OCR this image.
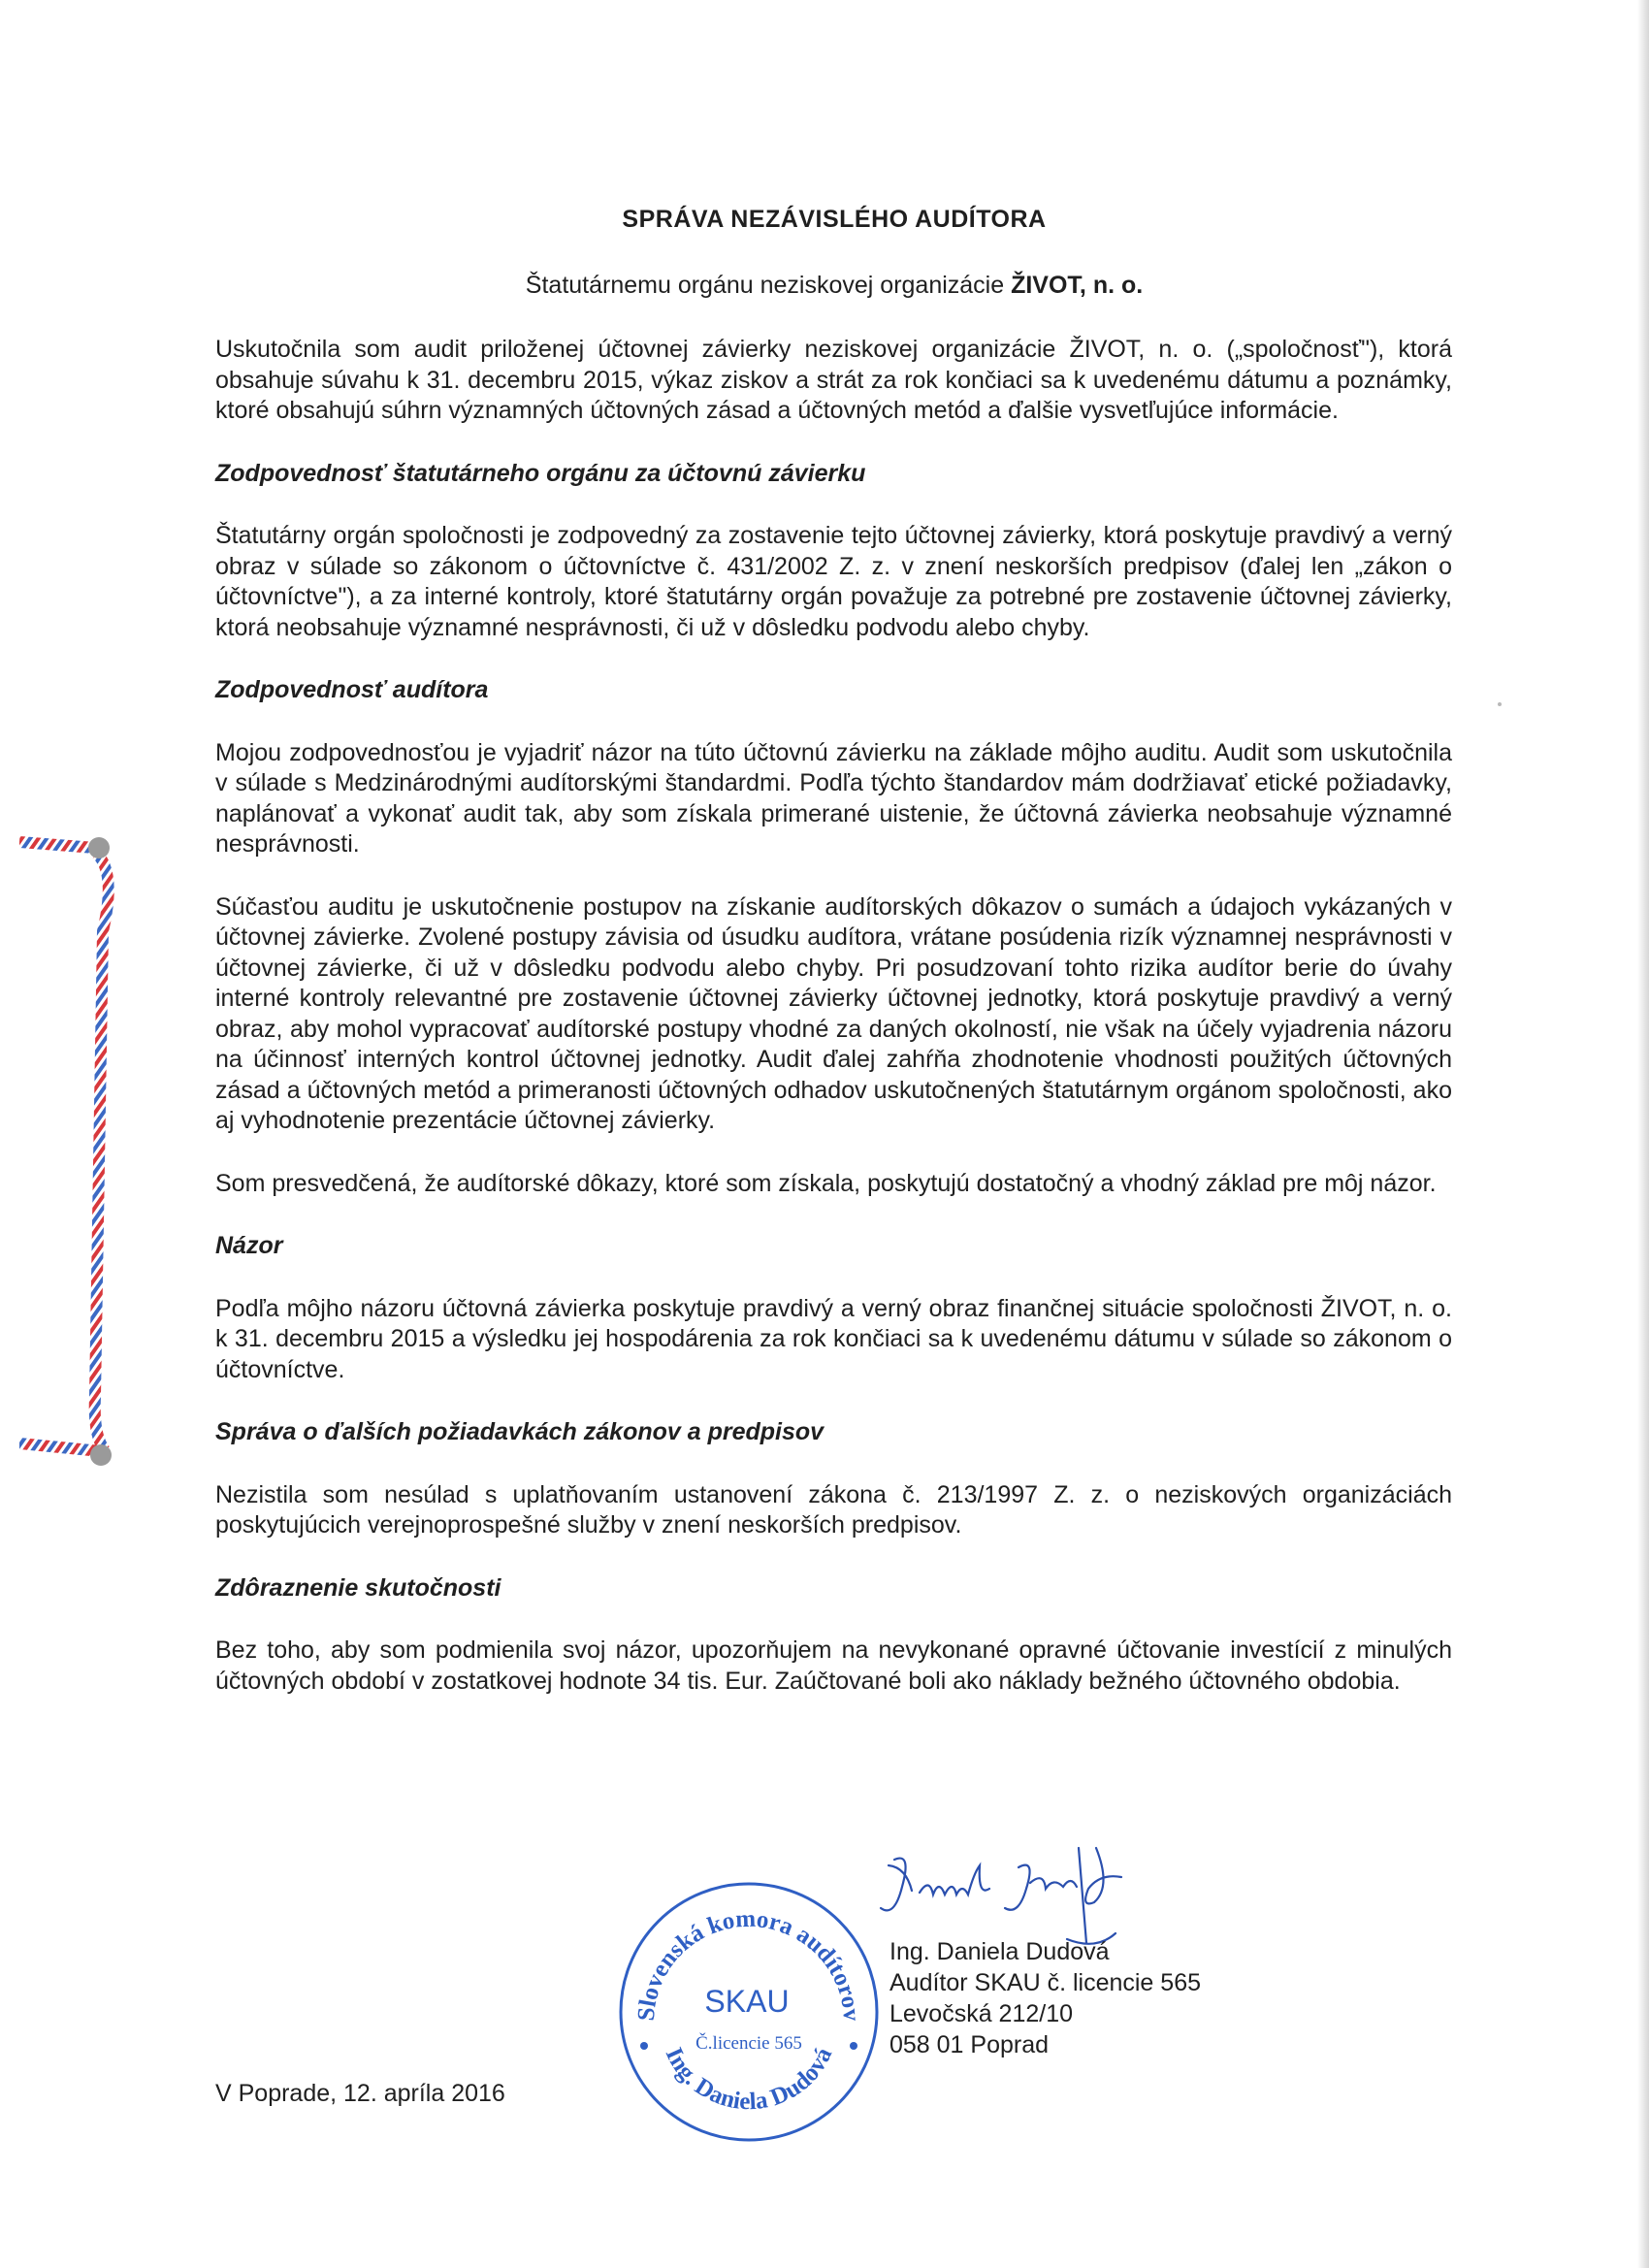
SPRÁVA NEZÁVISLÉHO AUDÍTORA
Štatutárnemu orgánu neziskovej organizácie ŽIVOT, n. o.

Uskutočnila som audit priloženej účtovnej závierky neziskovej organizácie ŽIVOT, n. o. („spoločnosť"), ktorá obsahuje súvahu k 31. decembru 2015, výkaz ziskov a strát za rok končiaci sa k uvedenému dátumu a poznámky, ktoré obsahujú súhrn významných účtovných zásad a účtovných metód a ďalšie vysvetľujúce informácie.

Zodpovednosť štatutárneho orgánu za účtovnú závierku

Štatutárny orgán spoločnosti je zodpovedný za zostavenie tejto účtovnej závierky, ktorá poskytuje pravdivý a verný obraz v súlade so zákonom o účtovníctve č. 431/2002 Z. z. v znení neskorších predpisov (ďalej len „zákon o účtovníctve"), a za interné kontroly, ktoré štatutárny orgán považuje za potrebné pre zostavenie účtovnej závierky, ktorá neobsahuje významné nesprávnosti, či už v dôsledku podvodu alebo chyby.

Zodpovednosť audítora

Mojou zodpovednosťou je vyjadriť názor na túto účtovnú závierku na základe môjho auditu. Audit som uskutočnila v súlade s Medzinárodnými audítorskými štandardmi. Podľa týchto štandardov mám dodržiavať etické požiadavky, naplánovať a vykonať audit tak, aby som získala primerané uistenie, že účtovná závierka neobsahuje významné nesprávnosti.

Súčasťou auditu je uskutočnenie postupov na získanie audítorských dôkazov o sumách a údajoch vykázaných v účtovnej závierke. Zvolené postupy závisia od úsudku audítora, vrátane posúdenia rizík významnej nesprávnosti v účtovnej závierke, či už v dôsledku podvodu alebo chyby. Pri posudzovaní tohto rizika audítor berie do úvahy interné kontroly relevantné pre zostavenie účtovnej závierky účtovnej jednotky, ktorá poskytuje pravdivý a verný obraz, aby mohol vypracovať audítorské postupy vhodné za daných okolností, nie však na účely vyjadrenia názoru na účinnosť interných kontrol účtovnej jednotky. Audit ďalej zahŕňa zhodnotenie vhodnosti použitých účtovných zásad a účtovných metód a primeranosti účtovných odhadov uskutočnených štatutárnym orgánom spoločnosti, ako aj vyhodnotenie prezentácie účtovnej závierky.

Som presvedčená, že audítorské dôkazy, ktoré som získala, poskytujú dostatočný a vhodný základ pre môj názor.

Názor

Podľa môjho názoru účtovná závierka poskytuje pravdivý a verný obraz finančnej situácie spoločnosti ŽIVOT, n. o. k 31. decembru 2015 a výsledku jej hospodárenia za rok končiaci sa k uvedenému dátumu v súlade so zákonom o účtovníctve.

Správa o ďalších požiadavkách zákonov a predpisov

Nezistila som nesúlad s uplatňovaním ustanovení zákona č. 213/1997 Z. z. o neziskových organizáciách poskytujúcich verejnoprospešné služby v znení neskorších predpisov.

Zdôraznenie skutočnosti

Bez toho, aby som podmienila svoj názor, upozorňujem na nevykonané opravné účtovanie investícií z minulých účtovných období v zostatkovej hodnote 34 tis. Eur. Zaúčtované boli ako náklady bežného účtovného obdobia.

Slovenská komora audítorov
Ing. Daniela Dudová
SKAU
Č.licencie 565
Ing. Daniela Dudová
Audítor SKAU č. licencie 565
Levočská 212/10
058 01 Poprad
V Poprade, 12. apríla 2016
